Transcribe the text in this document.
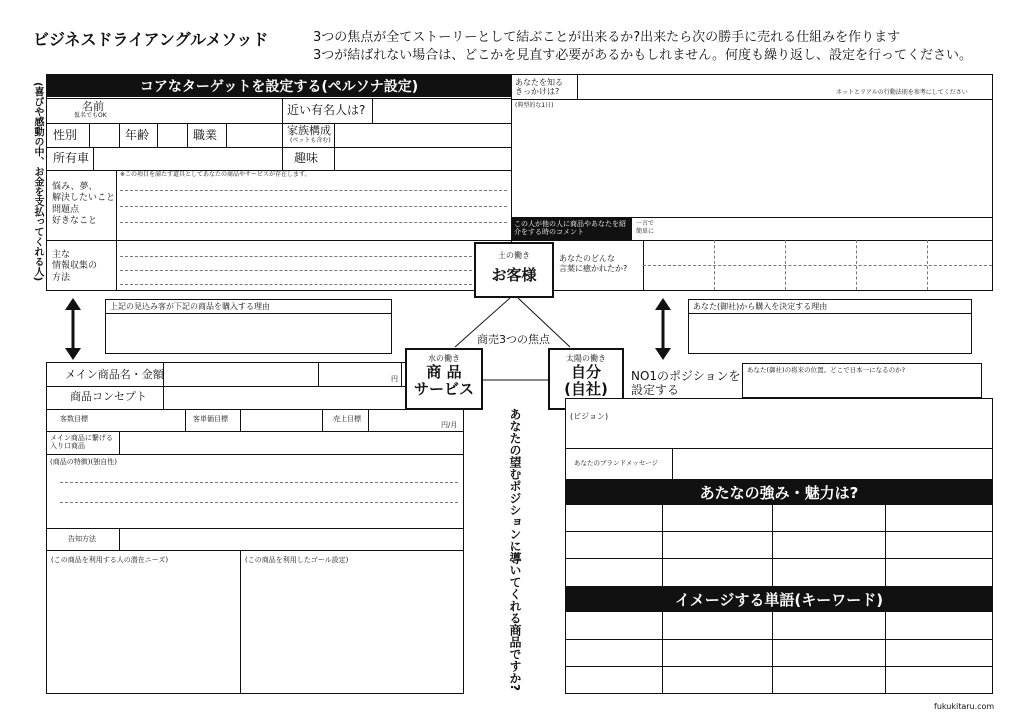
ビジネスドライアングルメソッド	3つの焦点が全てストーリーとして結ぶことが出来るか?出来たら次の勝手に売れる仕組みを作ります
3つが結ばれない場合は、どこかを見直す必要があるかもしれません。何度も繰り返し、設定を行ってください。
(喜びや感動の中、お金を支払ってくれる人)	コアなターゲットを設定する(ペルソナ設定)
名前
仮名でもOK	近い有名人は?
性別	年齢	職業	家族構成
(ペットも含む)
所有車	趣味
悩み、夢、
解決したいこと
問題点
好きなこと
※この項目を満たす道具としてあなたの商品やサービスが存在します。
主な
情報収集の
方法
あなたを知る
きっかけは?	ネットとリアルの行動法則を参考にしてください
(典型的な1日)
この人が他の人に商品やあなたを紹介をする時のコメント
一言で
簡単に
あなたのどんな
言葉に癒かれたか?
土の働き
お客様
商売3つの焦点
上記の見込み客が下記の商品を購入する理由	あなた(御社)から購入を決定する理由
メイン商品名・金額	円
商品コンセプト
客数目標	客単価目標	売上目標
円/月
メイン商品に繋げる
入り口商品
(商品の特徴)(独自性)
告知方法
(この商品を利用する人の潜在ニーズ)	(この商品を利用したゴール設定)
水の働き
商 品
サービス
太陽の働き
自分
(自社)
あなたの望むポジションに導いてくれる商品ですか?
NO1のポジションを
設定する
あなた(御社)の将来の位置。どこで日本一になるのか?
(ビジョン)
あなたのブランドメッセージ
あたなの強み・魅力は?
イメージする単語(キーワード)
fukukitaru.com
